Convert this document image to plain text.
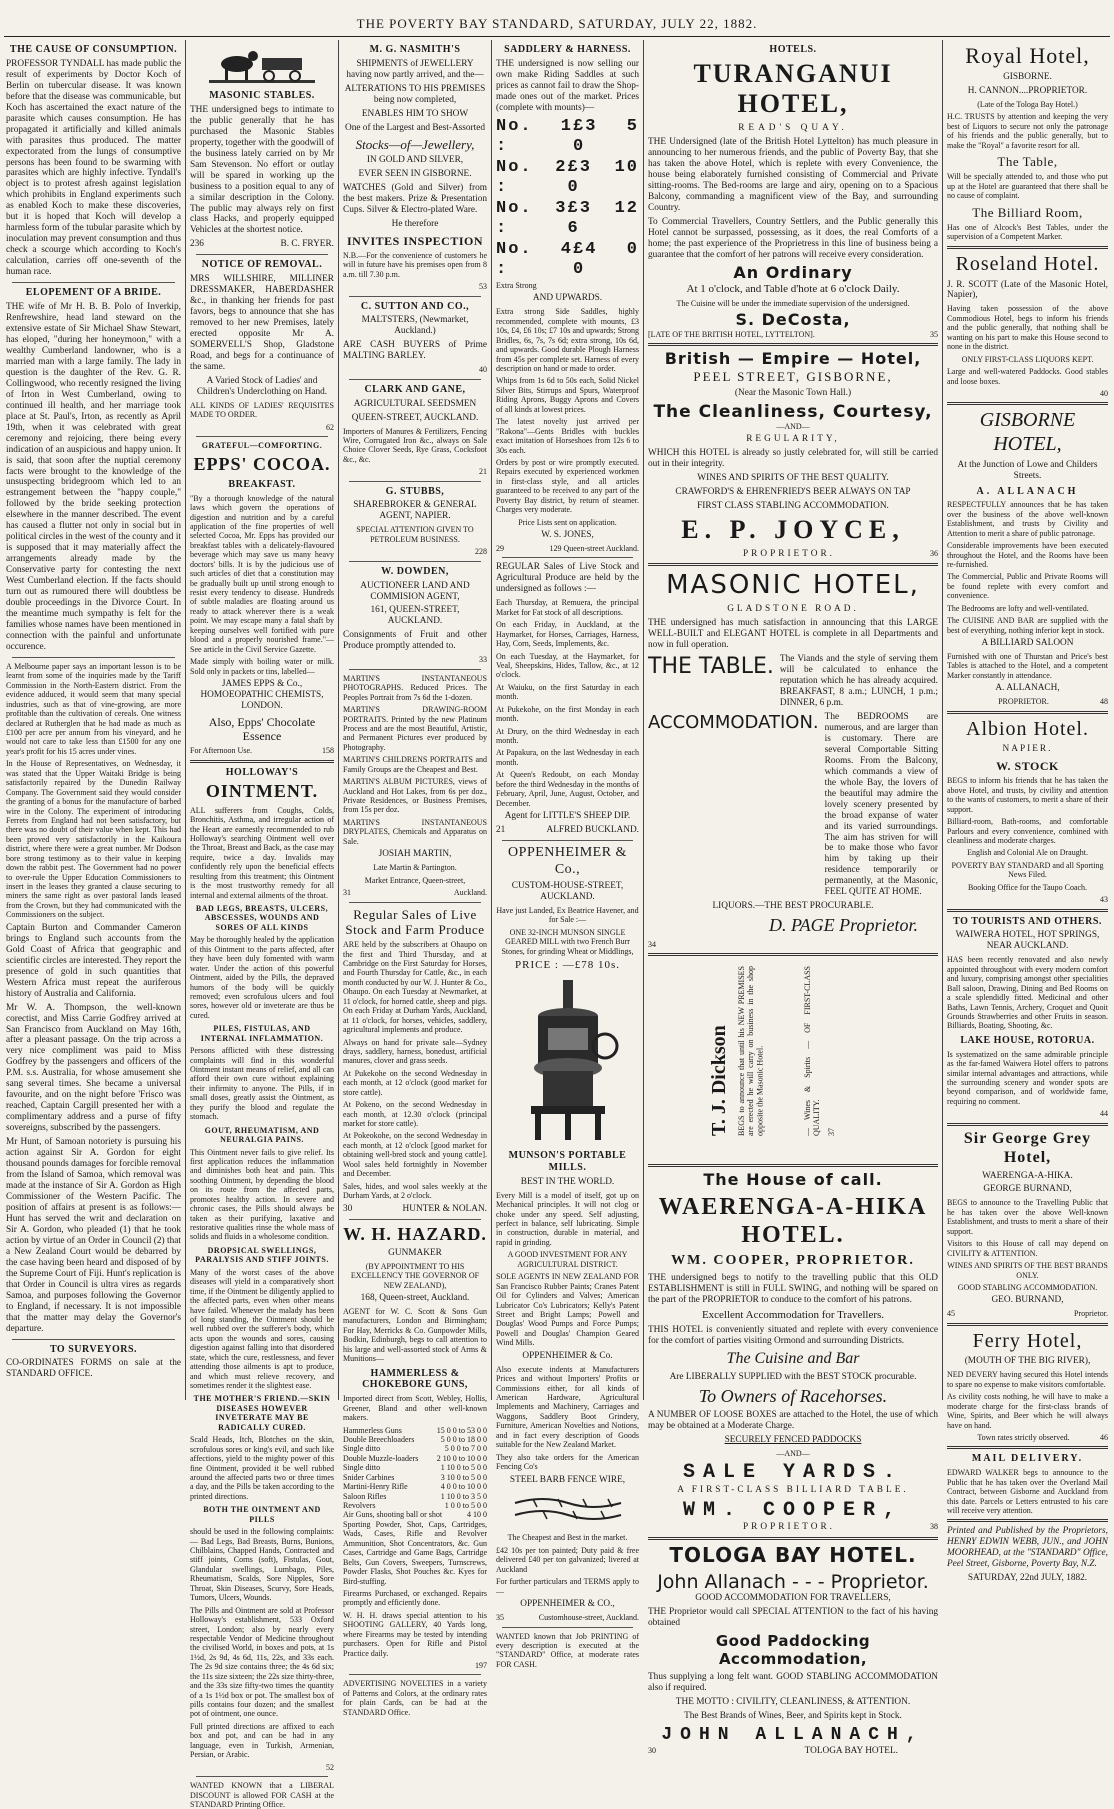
THE POVERTY BAY STANDARD, SATURDAY, JULY 22, 1882.
THE CAUSE OF CONSUMPTION.

PROFESSOR TYNDALL has made public the result of experiments by Doctor Koch of Berlin on tubercular disease. It was known before that the disease was communicable, but Koch has ascertained the exact nature of the parasite which causes consumption. He has propagated it artificially and killed animals with parasites thus produced. The matter expectorated from the lungs of consumptive persons has been found to be swarming with parasites which are highly infective. Tyndall's object is to protest afresh against legislation which prohibits in England experiments such as enabled Koch to make these discoveries, but it is hoped that Koch will develop a harmless form of the tubular parasite which by inoculation may prevent consumption and thus check a scourge which according to Koch's calculation, carries off one-seventh of the human race.

ELOPEMENT OF A BRIDE.

THE wife of Mr H. B. B. Polo of Inverkip, Renfrewshire, head land steward on the extensive estate of Sir Michael Shaw Stewart, has eloped, "during her honeymoon," with a wealthy Cumberland landowner, who is a married man with a large family. The lady in question is the daughter of the Rev. G. R. Collingwood, who recently resigned the living of Irton in West Cumberland, owing to continued ill health, and her marriage took place at St. Paul's, Irton, as recently as April 19th, when it was celebrated with great ceremony and rejoicing, there being every indication of an auspicious and happy union. It is said, that soon after the nuptial ceremony facts were brought to the knowledge of the unsuspecting bridegroom which led to an estrangement between the "happy couple," followed by the bride seeking protection elsewhere in the manner described. The event has caused a flutter not only in social but in political circles in the west of the county and it is supposed that it may materially affect the arrangements already made by the Conservative party for contesting the next West Cumberland election. If the facts should turn out as rumoured there will doubtless be double proceedings in the Divorce Court. In the meantime much sympathy is felt for the families whose names have been mentioned in connection with the painful and unfortunate occurence.

A Melbourne paper says an important lesson is to be learnt from some of the inquiries made by the Tariff Commission in the North-Eastern district. From the evidence adduced, it would seem that many special industries, such as that of vine-growing, are more profitable than the cultivation of cereals. One witness declared at Rutherglen that he had made as much as £100 per acre per annum from his vineyard, and he would not care to take less than £1500 for any one year's profit for his 15 acres under vines.

In the House of Representatives, on Wednesday, it was stated that the Upper Waitaki Bridge is being satisfactorily repaired by the Dunedin Railway Company. The Government said they would consider the granting of a bonus for the manufacture of barbed wire in the Colony. The experiment of introducing Ferrets from England had not been satisfactory, but there was no doubt of their value when kept. This had been proved very satisfactorily in the Kaikoura district, where there were a great number. Mr Dodson bore strong testimony as to their value in keeping down the rabbit pest. The Government had no power to over-rule the Upper Education Commissioners to insert in the leases they granted a clause securing to miners the same right as over pastoral lands leased from the Crown, but they had communicated with the Commissioners on the subject.

Captain Burton and Commander Cameron brings to England such accounts from the Gold Coast of Africa that geographic and scientific circles are interested. They report the presence of gold in such quantities that Western Africa must repeat the auriferous history of Australia and California.

Mr W. A. Thompson, the well-known corectist, and Miss Carrie Godfrey arrived at San Francisco from Auckland on May 16th, after a pleasant passage. On the trip across a very nice compliment was paid to Miss Godfrey by the passengers and officers of the P.M. s.s. Australia, for whose amusement she sang several times. She became a universal favourite, and on the night before 'Frisco was reached, Captain Cargill presented her with a complimentary address and a purse of fifty sovereigns, subscribed by the passengers.

Mr Hunt, of Samoan notoriety is pursuing his action against Sir A. Gordon for eight thousand pounds damages for forcible removal from the Island of Samoa, which removal was made at the instance of Sir A. Gordon as High Commissioner of the Western Pacific. The position of affairs at present is as follows:—Hunt has served the writ and declaration on Sir A. Gordon, who pleaded (1) that he took action by virtue of an Order in Council (2) that a New Zealand Court would be debarred by the case having been heard and disposed of by the Supreme Court of Fiji. Hunt's replication is that Order in Council is ultra vires as regards Samoa, and purposes following the Governor to England, if necessary. It is not impossible that the matter may delay the Governor's departure.

TO SURVEYORS.

CO-ORDINATES FORMS on sale at the STANDARD OFFICE.

MASONIC STABLES.

THE undersigned begs to intimate to the public generally that he has purchased the Masonic Stables property, together with the goodwill of the business lately carried on by Mr Sam Stevenson. No effort or outlay will be spared in working up the business to a position equal to any of a similar description in the Colony. The public may always rely on first class Hacks, and properly equipped Vehicles at the shortest notice.

236	B. C. FRYER.
NOTICE OF REMOVAL.

MRS WILLSHIRE, MILLINER DRESSMAKER, HABERDASHER &c., in thanking her friends for past favors, begs to announce that she has removed to her new Premises, lately erected opposite Mr A. SOMERVELL'S Shop, Gladstone Road, and begs for a continuance of the same.

A Varied Stock of Ladies' and Children's Underclothing on Hand.

ALL KINDS OF LADIES' REQUISITES MADE TO ORDER.

62
GRATEFUL—COMFORTING.
EPPS' COCOA.
BREAKFAST.

"By a thorough knowledge of the natural laws which govern the operations of digestion and nutrition and by a careful application of the fine properties of well selected Cocoa, Mr. Epps has provided our breakfast tables with a delicately-flavoured beverage which may save us many heavy doctors' bills. It is by the judicious use of such articles of diet that a constitution may be gradually built up until strong enough to resist every tendency to disease. Hundreds of subtle maladies are floating around us ready to attack wherever there is a weak point. We may escape many a fatal shaft by keeping ourselves well fortified with pure blood and a properly nourished frame."—See article in the Civil Service Gazette.

Made simply with boiling water or milk. Sold only in packets or tins, labelled—

JAMES EPPS & Co., HOMOEOPATHIC CHEMISTS, LONDON.

Also, Epps' Chocolate Essence

For Afternoon Use.	158
HOLLOWAY'S
OINTMENT.

ALL sufferers from Coughs, Colds, Bronchitis, Asthma, and irregular action of the Heart are earnestly recommended to rub Holloway's searching Ointment well over the Throat, Breast and Back, as the case may require, twice a day. Invalids may confidently rely upon the beneficial effects resulting from this treatment; this Ointment is the most trustworthy remedy for all internal and external ailments of the throat.

BAD LEGS, BREASTS, ULCERS, ABSCESSES, WOUNDS AND SORES OF ALL KINDS

May be thoroughly healed by the application of this Ointment to the parts affected, after they have been duly fomented with warm water. Under the action of this powerful Ointment, aided by the Pills, the depraved humors of the body will be quickly removed; even scrofulous ulcers and foul sores, however old or inveterate are thus be cured.

PILES, FISTULAS, AND INTERNAL INFLAMMATION.

Persons afflicted with these distressing complaints will find in this wonderful Ointment instant means of relief, and all can afford their own cure without explaining their infirmity to anyone. The Pills, if in small doses, greatly assist the Ointment, as they purify the blood and regulate the stomach.

GOUT, RHEUMATISM, AND NEURALGIA PAINS.

This Ointment never fails to give relief. Its first application reduces the inflammation and diminishes both heat and pain. This soothing Ointment, by depending the blood on its route from the affected parts, promotes healthy action. In severe and chronic cases, the Pills should always be taken as their purifying, laxative and restorative qualities rinse the whole mass of solids and fluids in a wholesome condition.

DROPSICAL SWELLINGS, PARALYSIS AND STIFF JOINTS.

Many of the worst cases of the above diseases will yield in a comparatively short time, if the Ointment be diligently applied to the affected parts, even when other means have failed. Whenever the malady has been of long standing, the Ointment should be well rubbed over the sufferer's body, which acts upon the wounds and sores, causing digestion against falling into that disordered state, which the cure, restlessness, and fever attending those ailments is apt to produce, and which must relieve recovery, and sometimes render it the slightest ease.

THE MOTHER'S FRIEND.—SKIN DISEASES HOWEVER INVETERATE MAY BE RADICALLY CURED.

Scald Heads, Itch, Blotches on the skin, scrofulous sores or king's evil, and such like affections, yield to the mighty power of this fine Ointment, provided it be well rubbed around the affected parts two or three times a day, and the Pills be taken according to the printed directions.

BOTH THE OINTMENT AND PILLS

should be used in the following complaints:— Bad Legs, Bad Breasts, Burns, Bunions, Chilblains, Chapped Hands, Contracted and stiff joints, Corns (soft), Fistulas, Gout, Glandular swellings, Lumbago, Piles, Rheumatism, Scalds, Sore Nipples, Sore Throat, Skin Diseases, Scurvy, Sore Heads, Tumors, Ulcers, Wounds.

The Pills and Ointment are sold at Professor Holloway's establishment, 533 Oxford street, London; also by nearly every respectable Vendor of Medicine throughout the civilised World, in boxes and pots, at 1s 1½d, 2s 9d, 4s 6d, 11s, 22s, and 33s each. The 2s 9d size contains three; the 4s 6d six; the 11s size sixteen; the 22s size thirty-three, and the 33s size fifty-two times the quantity of a 1s 1½d box or pot. The smallest box of pills contains four dozen; and the smallest pot of ointment, one ounce.

Full printed directions are affixed to each box and pot, and can be had in any language, even in Turkish, Armenian, Persian, or Arabic.

52

WANTED KNOWN that a LIBERAL DISCOUNT is allowed FOR CASH at the STANDARD Printing Office.

M. G. NASMITH'S

SHIPMENTS of JEWELLERY having now partly arrived, and the—

ALTERATIONS TO HIS PREMISES being now completed,

ENABLES HIM TO SHOW

One of the Largest and Best-Assorted

Stocks—of—Jewellery,

IN GOLD AND SILVER,

EVER SEEN IN GISBORNE.

WATCHES (Gold and Silver) from the best makers. Prize & Presentation Cups. Silver & Electro-plated Ware.

He therefore

INVITES INSPECTION

N.B.—For the convenience of customers he will in future have his premises open from 8 a.m. till 7.30 p.m.

53
C. SUTTON AND CO.,

MALTSTERS, (Newmarket, Auckland.)

ARE CASH BUYERS of Prime MALTING BARLEY.

40
CLARK AND GANE,

AGRICULTURAL SEEDSMEN

QUEEN-STREET, AUCKLAND.

Importers of Manures & Fertilizers, Fencing Wire, Corrugated Iron &c., always on Sale Choice Clover Seeds, Rye Grass, Cocksfoot &c., &c.

21
G. STUBBS,

SHAREBROKER & GENERAL AGENT, NAPIER.

SPECIAL ATTENTION GIVEN TO PETROLEUM BUSINESS.

228
W. DOWDEN,

AUCTIONEER LAND AND COMMISION AGENT,

161, QUEEN-STREET, AUCKLAND.

Consignments of Fruit and other Produce promptly attended to.

33

MARTIN'S INSTANTANEOUS PHOTOGRAPHS. Reduced Prices. The Peoples Portrait from 7s 6d the 1-dozen.

MARTIN'S DRAWING-ROOM PORTRAITS. Printed by the new Platinum Process and are the most Beautiful, Artistic, and Permanent Pictures ever produced by Photography.

MARTIN'S CHILDRENS PORTRAITS and Family Groups are the Cheapest and Best.

MARTIN'S ALBUM PICTURES, views of Auckland and Hot Lakes, from 6s per doz., Private Residences, or Business Premises, from 15s per doz.

MARTIN'S INSTANTANEOUS DRYPLATES, Chemicals and Apparatus on Sale.

JOSIAH MARTIN,

Late Martin & Partington.

Market Entrance, Queen-street,

31	Auckland.
Regular Sales of Live Stock and Farm Produce

ARE held by the subscribers at Ohaupo on the first and Third Thursday, and at Cambridge on the First Saturday for Horses, and Fourth Thursday for Cattle, &c., in each month conducted by our W. J. Hunter & Co., Ohaupo. On each Tuesday at Newmarket, at 11 o'clock, for horned cattle, sheep and pigs. On each Friday at Durham Yards, Auckland, at 11 o'clock, for horses, vehicles, saddlery, agricultural implements and produce.

Always on hand for private sale—Sydney drays, saddlery, harness, bonedust, artificial manures, clover and grass seeds.

At Pukekohe on the second Wednesday in each month, at 12 o'clock (good market for store cattle).

At Pokeno, on the second Wednesday in each month, at 12.30 o'clock (principal market for store cattle).

At Pokeokohe, on the second Wednesday in each month, at 12 o'clock [good market for obtaining well-bred stock and young cattle]. Wool sales held fortnightly in November and December.

Sales, hides, and wool sales weekly at the Durham Yards, at 2 o'clock.

30	HUNTER & NOLAN.
W. H. HAZARD.

GUNMAKER

(BY APPOINTMENT TO HIS EXCELLENCY THE GOVERNOR OF NEW ZEALAND),

168, Queen-street, Auckland.

AGENT for W. C. Scott & Sons Gun manufacturers, London and Birmingham; For Hay, Merricks & Co. Gunpowder Mills, Bodkin, Edinburgh, begs to call attention to his large and well-assorted stock of Arms & Munitions—

HAMMERLESS & CHOKEBORE GUNS,

Imported direct from Scott, Webley, Hollis, Greener, Bland and other well-known makers.

Hammerless Guns	15 0 0 to 53 0 0
Double Breechloaders	5 0 0 to 18 0 0
Single ditto	5 0 0 to 7 0 0
Double Muzzle-loaders 2 10 0 to 10 0 0
Single ditto	1 10 0 to 5 0 0
Snider Carbines	3 10 0 to 5 0 0
Martini-Henry Rifle	4 0 0 to 10 0 0
Saloon Rifles	1 10 0 to 3 5 0
Revolvers	1 0 0 to 5 0 0
Air Guns, shooting ball or shot	4 10 0

Sporting Powder, Shot, Caps, Cartridges, Wads, Cases, Rifle and Revolver Ammunition, Shot Concentrators, &c. Gun Cases, Cartridge and Game Bags, Cartridge Belts, Gun Covers, Sweepers, Turnscrews, Powder Flasks, Shot Pouches &c. Kyes for Bird-stuffing.

Firearms Purchased, or exchanged. Repairs promptly and efficiently done.

W. H. H. draws special attention to his SHOOTING GALLERY, 40 Yards long, where Firearms may be tested by intending purchasers. Open for Rifle and Pistol Practice daily.

197

ADVERTISING NOVELTIES in a variety of Patterns and Colors, at the ordinary rates for plain Cards, can be had at the STANDARD Office.

SADDLERY & HARNESS.

THE undersigned is now selling our own make Riding Saddles at such prices as cannot fail to draw the Shop-made ones out of the market. Prices (complete with mounts)—

No. 1 :
£3 5 0
No. 2 :
£3 10 0
No. 3 :
£3 12 6
No. 4 :
£4 0 0

Extra Strong

AND UPWARDS.

Extra strong Side Saddles, highly recommended, complete with mounts, £3 10s, £4, £6 10s; £7 10s and upwards; Strong Bridles, 6s, 7s, 7s 6d; extra strong, 10s 6d, and upwards. Good durable Plough Harness from 45s per complete set. Harness of every description on hand or made to order.

Whips from 1s 6d to 50s each, Solid Nickel Silver Bits, Stirrups and Spurs, Waterproof Riding Aprons, Buggy Aprons and Covers of all kinds at lowest prices.

The latest novelty just arrived per "Rakona"—Gents Bridles with buckles exact imitation of Horseshoes from 12s 6 to 30s each.

Orders by post or wire promptly executed. Repairs executed by experienced workmen in first-class style, and all articles guaranteed to be received to any part of the Poverty Bay district, by return of steamer. Charges very moderate.

Price Lists sent on application.

W. S. JONES,

29	129 Queen-street Auckland.

REGULAR Sales of Live Stock and Agricultural Produce are held by the undersigned as follows :—

Each Thursday, at Remuera, the principal Market for Fat stock of all descriptions.

On each Friday, in Auckland, at the Haymarket, for Horses, Carriages, Harness, Hay, Corn, Seeds, Implements, &c.

On each Tuesday, at the Haymarket, for Veal, Sheepskins, Hides, Tallow, &c., at 12 o'clock.

At Waiuku, on the first Saturday in each month.

At Pukekohe, on the first Monday in each month.

At Drury, on the third Wednesday in each month.

At Papakura, on the last Wednesday in each month.

At Queen's Redoubt, on each Monday before the third Wednesday in the months of February, April, June, August, October, and December.

Agent for LITTLE'S SHEEP DIP.

21	ALFRED BUCKLAND.
OPPENHEIMER & Co.,

CUSTOM-HOUSE-STREET, AUCKLAND.

Have just Landed, Ex Beatrice Havener, and for Sale :—

ONE 32-INCH MUNSON SINGLE GEARED MILL with two French Burr Stones, for grinding Wheat or Middlings,

PRICE : —£78 10s.

MUNSON'S PORTABLE MILLS.

BEST IN THE WORLD.

Every Mill is a model of itself, got up on Mechanical principles. It will not clog or choke under any speed. Self adjusting, perfect in balance, self lubricating. Simple in construction, durable in material, and rapid in grinding.

A GOOD INVESTMENT FOR ANY AGRICULTURAL DISTRICT.

SOLE AGENTS IN NEW ZEALAND FOR San Francisco Rubber Paints; Cranes Patent Oil for Cylinders and Valves; American Lubricator Co's Lubricators; Kelly's Patent Street and Bright Lamps; Powell and Douglas' Wood Pumps and Force Pumps; Powell and Douglas' Champion Geared Wind Mills.

OPPENHEIMER & Co.

Also execute indents at Manufacturers Prices and without Importers' Profits or Commissions either, for all kinds of American Hardware, Agricultural Implements and Machinery, Carriages and Waggons, Saddlery Boot Grindery, Furniture, American Novelties and Notions, and in fact every description of Goods suitable for the New Zealand Market.

They also take orders for the American Fencing Co's

STEEL BARB FENCE WIRE,

The Cheapest and Best in the market.

£42 10s per ton painted; Duty paid & free delivered £40 per ton galvanized; livered at Auckland

For further particulars and TERMS apply to—

OPPENHEIMER & CO.,

35	Customhouse-street, Auckland.

WANTED known that Job PRINTING of every description is executed at the "STANDARD" Office, at moderate rates FOR CASH.

HOTELS.
TURANGANUI HOTEL,

READ'S QUAY.

THE Undersigned (late of the British Hotel Lyttelton) has much pleasure in announcing to her numerous friends, and the public of Poverty Bay, that she has taken the above Hotel, which is replete with every Convenience, the house being elaborately furnished consisting of Commercial and Private sitting-rooms. The Bed-rooms are large and airy, opening on to a Spacious Balcony, commanding a magnificent view of the Bay, and surrounding Country.

To Commercial Travellers, Country Settlers, and the Public generally this Hotel cannot be surpassed, possessing, as it does, the real Comforts of a home; the past experience of the Proprietress in this line of business being a guarantee that the comfort of her patrons will receive every consideration.

An Ordinary

At 1 o'clock, and Table d'hote at 6 o'clock Daily.

The Cuisine will be under the immediate supervision of the undersigned.

S. DeCosta,
[LATE OF THE BRITISH HOTEL, LYTTELTON].	35
British — Empire — Hotel,

PEEL STREET, GISBORNE,

(Near the Masonic Town Hall.)

The Cleanliness, Courtesy,

—AND—

REGULARITY,

WHICH this HOTEL is already so justly celebrated for, will still be carried out in their integrity.

WINES AND SPIRITS OF THE BEST QUALITY.

CRAWFORD'S & EHRENFRIED'S BEER ALWAYS ON TAP

FIRST CLASS STABLING ACCOMMODATION.

E. P. JOYCE,
PROPRIETOR.	36
MASONIC HOTEL,

GLADSTONE ROAD.

THE undersigned has much satisfaction in announcing that this LARGE WELL-BUILT and ELEGANT HOTEL is complete in all Departments and now in full operation.

THE TABLE. The Viands and the style of serving them will be calculated to enhance the reputation which he has already acquired. BREAKFAST, 8 a.m.; LUNCH, 1 p.m.; DINNER, 6 p.m.

ACCOMMODATION. The BEDROOMS are numerous, and are larger than is customary. There are several Comportable Sitting Rooms. From the Balcony, which commands a view of the whole Bay, the lovers of the beautiful may admire the lovely scenery presented by the broad expanse of water and its varied surroundings. The aim has striven for will be to make those who favor him by taking up their residence temporarily or permanently, at the Masonic, FEEL QUITE AT HOME.

LIQUORS.—THE BEST PROCURABLE.

D. PAGE Proprietor.
34
T. J. Dickson BEGS to announce that until his NEW PREMISES are erected he will carry on business in the shop opposite the Masonic Hotel.	— Wines & Spirits — OF FIRST-CLASS QUALITY. 37
The House of call.
WAERENGA-A-HIKA HOTEL.
WM. COOPER, PROPRIETOR.

THE undersigned begs to notify to the travelling public that this OLD ESTABLISHMENT is still in FULL SWING, and nothing will be spared on the part of the PROPRIETOR to conduce to the comfort of his patrons.

Excellent Accommodation for Travellers.

THIS HOTEL is conveniently situated and replete with every convenience for the comfort of parties visiting Ormond and surrounding Districts.

The Cuisine and Bar

Are LIBERALLY SUPPLIED with the BEST STOCK procurable.

To Owners of Racehorses.

A NUMBER OF LOOSE BOXES are attached to the Hotel, the use of which may be obtained at a Moderate Charge.

SECURELY FENCED PADDOCKS

—AND—

SALE YARDS.

A FIRST-CLASS BILLIARD TABLE.

WM. COOPER,
PROPRIETOR.	38
TOLOGA BAY HOTEL.
John Allanach - - - Proprietor.

GOOD ACCOMMODATION FOR TRAVELLERS,

THE Proprietor would call SPECIAL ATTENTION to the fact of his having obtained

Good Paddocking Accommodation,

Thus supplying a long felt want. GOOD STABLING ACCOMMODATION also if required.

THE MOTTO : CIVILITY, CLEANLINESS, & ATTENTION.

The Best Brands of Wines, Beer, and Spirits kept in Stock.

JOHN ALLANACH,
30	TOLOGA BAY HOTEL.
Royal Hotel,

GISBORNE.

H. CANNON....PROPRIETOR.

(Late of the Tologa Bay Hotel.)

H.C. TRUSTS by attention and keeping the very best of Liquors to secure not only the patronage of his friends and the public generally, but to make the "Royal" a favorite resort for all.

The Table,

Will be specially attended to, and those who put up at the Hotel are guaranteed that there shall be no cause of complaint.

The Billiard Room,

Has one of Alcock's Best Tables, under the supervision of a Competent Marker.

Roseland Hotel.

J. R. SCOTT (Late of the Masonic Hotel, Napier),

Having taken possession of the above Commodious Hotel, begs to inform his friends and the public generally, that nothing shall be wanting on his part to make this House second to none in the district.

ONLY FIRST-CLASS LIQUORS KEPT.

Large and well-watered Paddocks. Good stables and loose boxes.

40
GISBORNE HOTEL,

At the Junction of Lowe and Childers Streets.

A. ALLANACH

RESPECTFULLY announces that he has taken over the business of the above well-known Establishment, and trusts by Civility and Attention to merit a share of public patronage.

Considerable improvements have been executed throughout the Hotel, and the Rooms have been re-furnished.

The Commercial, Public and Private Rooms will be found replete with every comfort and convenience.

The Bedrooms are lofty and well-ventilated.

The CUISINE AND BAR are supplied with the best of everything, nothing inferior kept in stock.

A BILLIARD SALOON

Furnished with one of Thurstan and Price's best Tables is attached to the Hotel, and a competent Marker constantly in attendance.

A. ALLANACH,

PROPRIETOR.	48
Albion Hotel.

NAPIER.

W. STOCK

BEGS to inform his friends that he has taken the above Hotel, and trusts, by civility and attention to the wants of customers, to merit a share of their support.

Billiard-room, Bath-rooms, and comfortable Parlours and every convenience, combined with cleanliness and moderate charges.

English and Colonial Ale on Draught.

POVERTY BAY STANDARD and all Sporting News Filed.

Booking Office for the Taupo Coach.

43
TO TOURISTS AND OTHERS.

WAIWERA HOTEL, HOT SPRINGS, NEAR AUCKLAND.

HAS been recently renovated and also newly appointed throughout with every modern comfort and luxury, comprising amongst other specialities Ball saloon, Drawing, Dining and Bed Rooms on a scale splendidly fitted. Medicinal and other Baths, Lawn Tennis, Archery, Croquet and Quoit Grounds Strawberries and other Fruits in season. Billiards, Boating, Shooting, &c.

LAKE HOUSE, ROTORUA.

Is systematized on the same admirable principle as the far-famed Waiwera Hotel offers to patrons similar internal advantages and attractions, while the surrounding scenery and wonder spots are beyond comparison, and of worldwide fame, requiring no comment.

44
Sir George Grey Hotel,

WAERENGA-A-HIKA.

GEORGE BURNAND,

BEGS to announce to the Travelling Public that he has taken over the above Well-known Establishment, and trusts to merit a share of their support.

Visitors to this House of call may depend on CIVILITY & ATTENTION.

WINES AND SPIRITS OF THE BEST BRANDS ONLY.

GOOD STABLING ACCOMMODATION.

GEO. BURNAND,

45	Proprietor.
Ferry Hotel,

(MOUTH OF THE BIG RIVER),

NED DEVERY having secured this Hotel intends to spare no expense to make visitors comfortable.

As civility costs nothing, he will have to make a moderate charge for the first-class brands of Wine, Spirits, and Beer which he will always have on hand.

Town rates strictly observed.	46
MAIL DELIVERY.

EDWARD WALKER begs to announce to the Public that he has taken over the Overland Mail Contract, between Gisborne and Auckland from this date. Parcels or Letters entrusted to his care will receive very attention.

Printed and Published by the Proprietors, HENRY EDWIN WEBB, JUN., and JOHN MOORHEAD, at the "STANDARD" Office, Peel Street, Gisborne, Poverty Bay, N.Z.

SATURDAY, 22nd JULY, 1882.
